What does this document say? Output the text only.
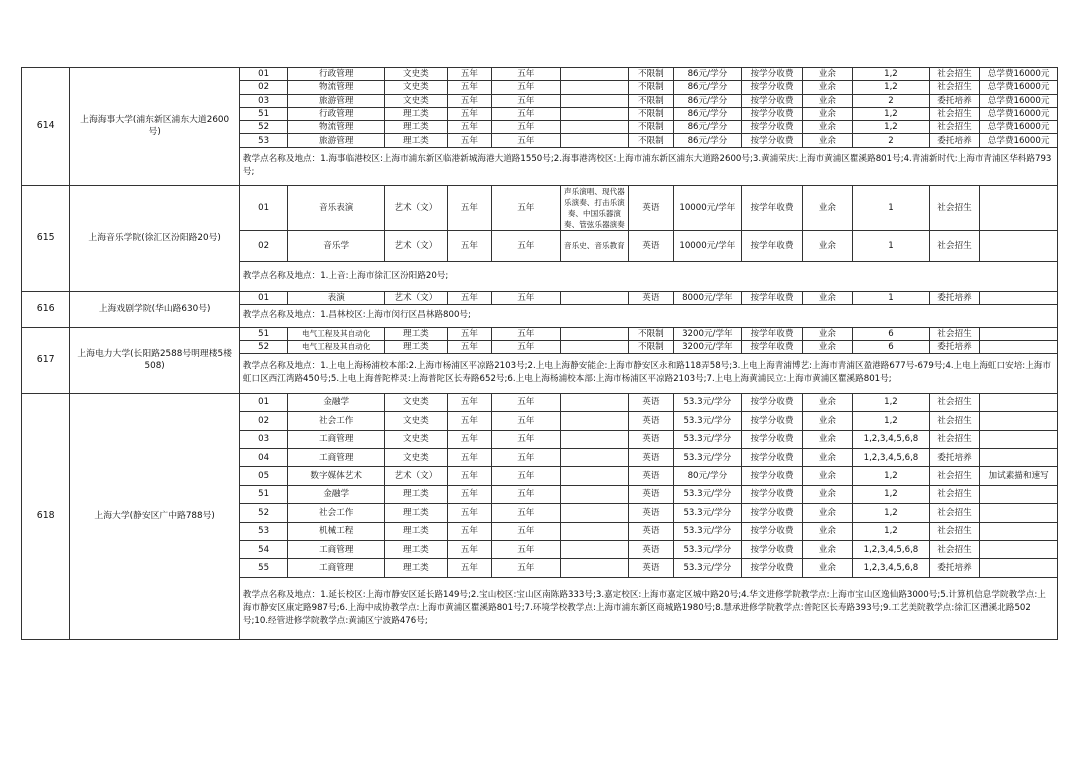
614	上海海事大学(浦东新区浦东大道2600号)	01	行政管理	文史类	五年	五年		不限制	86元/学分	按学分收费	业余	1,2	社会招生	总学费16000元
		02	物流管理	文史类	五年	五年		不限制	86元/学分	按学分收费	业余	1,2	社会招生	总学费16000元
		03	旅游管理	文史类	五年	五年		不限制	86元/学分	按学分收费	业余	2	委托培养	总学费16000元
		51	行政管理	理工类	五年	五年		不限制	86元/学分	按学分收费	业余	1,2	社会招生	总学费16000元
		52	物流管理	理工类	五年	五年		不限制	86元/学分	按学分收费	业余	1,2	社会招生	总学费16000元
		53	旅游管理	理工类	五年	五年		不限制	86元/学分	按学分收费	业余	2	委托培养	总学费16000元
		教学点名称及地点：1.海事临港校区:上海市浦东新区临港新城海港大道路1550号;2.海事港湾校区:上海市浦东新区浦东大道路2600号;3.黄浦荣庆:上海市黄浦区瞿溪路801号;4.青浦新时代:上海市青浦区华科路793号;												
615	上海音乐学院(徐汇区汾阳路20号)	01	音乐表演	艺术（文）	五年	五年	声乐演唱、现代器乐演奏、打击乐演奏、中国乐器演奏、管弦乐器演奏	英语	10000元/学年	按学年收费	业余	1	社会招生	
		02	音乐学	艺术（文）	五年	五年	音乐史、音乐教育	英语	10000元/学年	按学年收费	业余	1	社会招生	
		教学点名称及地点：1.上音:上海市徐汇区汾阳路20号;												
616	上海戏剧学院(华山路630号)	01	表演	艺术（文）	五年	五年		英语	8000元/学年	按学年收费	业余	1	委托培养	
		教学点名称及地点：1.昌林校区:上海市闵行区昌林路800号;												
617	上海电力大学(长阳路2588号明理楼5楼508)	51	电气工程及其自动化	理工类	五年	五年		不限制	3200元/学年	按学年收费	业余	6	社会招生	
		52	电气工程及其自动化	理工类	五年	五年		不限制	3200元/学年	按学年收费	业余	6	委托培养	
		教学点名称及地点：1.上电上海杨浦校本部:2.上海市杨浦区平凉路2103号;2.上电上海静安能企:上海市静安区永和路118弄58号;3.上电上海青浦博艺:上海市青浦区盈港路677号-679号;4.上电上海虹口安培:上海市虹口区西江湾路450号;5.上电上海普陀桦灵:上海普陀区长寿路652号;6.上电上海杨浦校本部:上海市杨浦区平凉路2103号;7.上电上海黄浦民立:上海市黄浦区瞿溪路801号;												
618	上海大学(静安区广中路788号)	01	金融学	文史类	五年	五年		英语	53.3元/学分	按学分收费	业余	1,2	社会招生	
		02	社会工作	文史类	五年	五年		英语	53.3元/学分	按学分收费	业余	1,2	社会招生	
		03	工商管理	文史类	五年	五年		英语	53.3元/学分	按学分收费	业余	1,2,3,4,5,6,8	社会招生	
		04	工商管理	文史类	五年	五年		英语	53.3元/学分	按学分收费	业余	1,2,3,4,5,6,8	委托培养	
		05	数字媒体艺术	艺术（文）	五年	五年		英语	80元/学分	按学分收费	业余	1,2	社会招生	加试素描和速写
		51	金融学	理工类	五年	五年		英语	53.3元/学分	按学分收费	业余	1,2	社会招生	
		52	社会工作	理工类	五年	五年		英语	53.3元/学分	按学分收费	业余	1,2	社会招生	
		53	机械工程	理工类	五年	五年		英语	53.3元/学分	按学分收费	业余	1,2	社会招生	
		54	工商管理	理工类	五年	五年		英语	53.3元/学分	按学分收费	业余	1,2,3,4,5,6,8	社会招生	
		55	工商管理	理工类	五年	五年		英语	53.3元/学分	按学分收费	业余	1,2,3,4,5,6,8	委托培养	
		教学点名称及地点：1.延长校区:上海市静安区延长路149号;2.宝山校区:宝山区南陈路333号;3.嘉定校区:上海市嘉定区城中路20号;4.华文进修学院教学点:上海市宝山区逸仙路3000号;5.计算机信息学院教学点:上海市静安区康定路987号;6.上海中成协教学点:上海市黄浦区瞿溪路801号;7.环境学校教学点:上海市浦东新区商城路1980号;8.慧承进修学院教学点:普陀区长寿路393号;9.工艺美院教学点:徐汇区漕溪北路502号;10.经管进修学院教学点:黄浦区宁波路476号;												
